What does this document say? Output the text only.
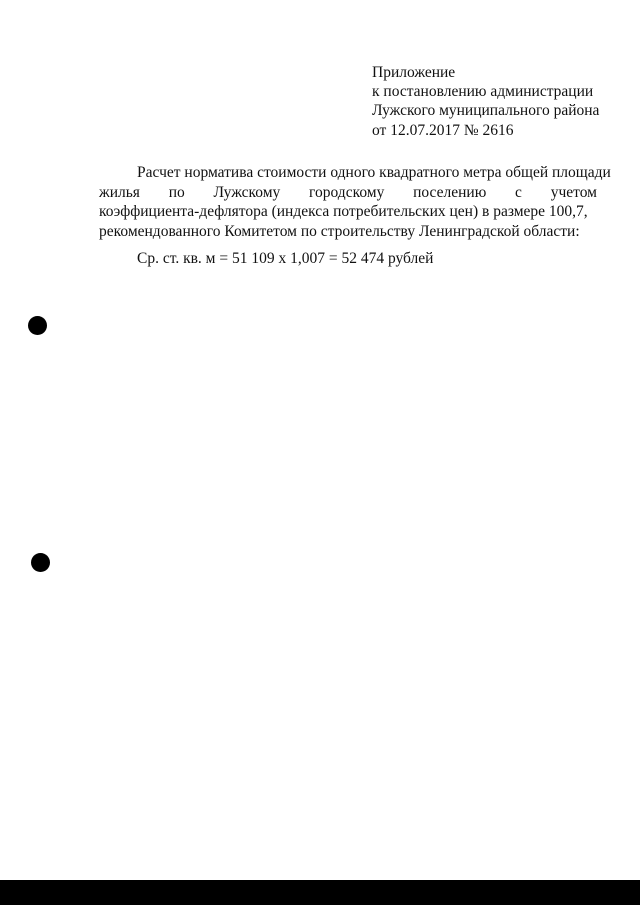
Приложение
к постановлению администрации
Лужского муниципального района
от 12.07.2017 № 2616
Расчет норматива стоимости одного квадратного метра общей площади
жилья по Лужскому городскому поселению с учетом
коэффициента-дефлятора (индекса потребительских цен) в размере 100,7,
рекомендованного Комитетом по строительству Ленинградской области:
Ср. ст. кв. м = 51 109 х 1,007 = 52 474 рублей
